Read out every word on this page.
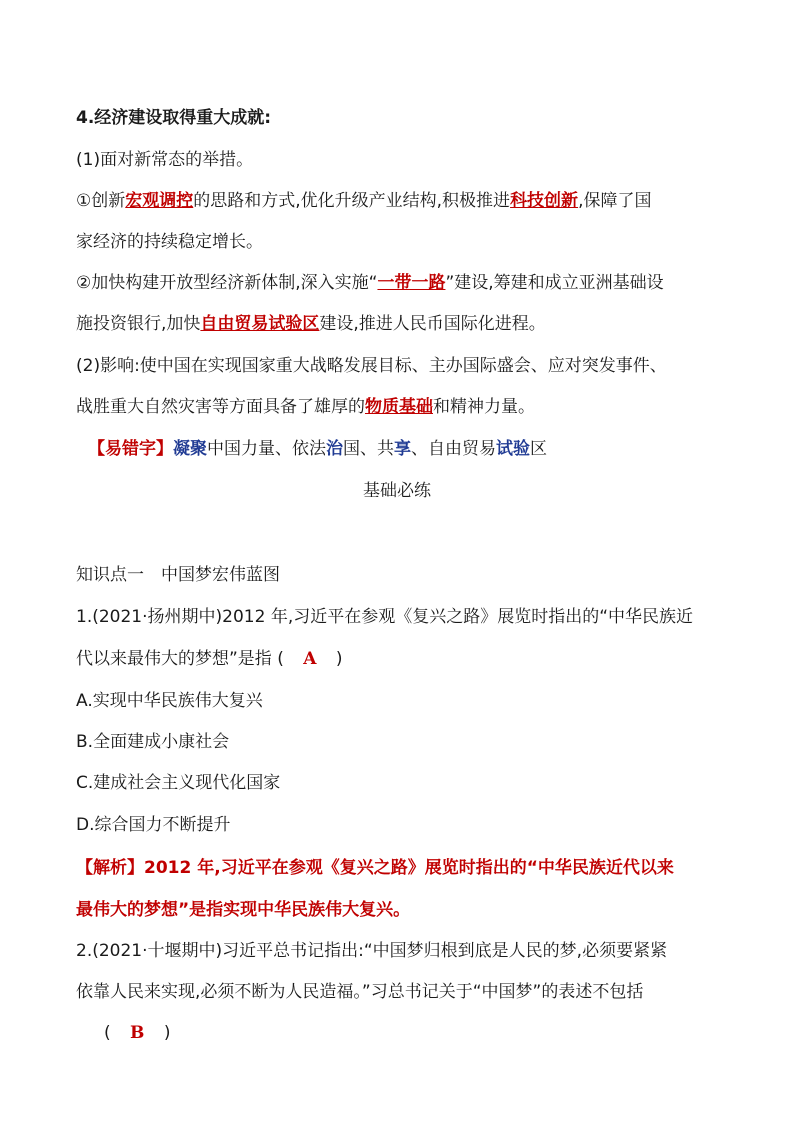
4.经济建设取得重大成就:
(1)面对新常态的举措。
①创新宏观调控的思路和方式,优化升级产业结构,积极推进科技创新,保障了国
家经济的持续稳定增长。
②加快构建开放型经济新体制,深入实施“一带一路”建设,筹建和成立亚洲基础设
施投资银行,加快自由贸易试验区建设,推进人民币国际化进程。
(2)影响:使中国在实现国家重大战略发展目标、主办国际盛会、应对突发事件、
战胜重大自然灾害等方面具备了雄厚的物质基础和精神力量。
【易错字】凝聚中国力量、依法治国、共享、自由贸易试验区
基础必练
知识点一　中国梦宏伟蓝图
1.(2021·扬州期中)2012 年,习近平在参观《复兴之路》展览时指出的“中华民族近
代以来最伟大的梦想”是指 ( A )
A.实现中华民族伟大复兴
B.全面建成小康社会
C.建成社会主义现代化国家
D.综合国力不断提升
【解析】2012 年,习近平在参观《复兴之路》展览时指出的“中华民族近代以来
最伟大的梦想”是指实现中华民族伟大复兴。
2.(2021·十堰期中)习近平总书记指出:“中国梦归根到底是人民的梦,必须要紧紧
依靠人民来实现,必须不断为人民造福。”习总书记关于“中国梦”的表述不包括
( B )
